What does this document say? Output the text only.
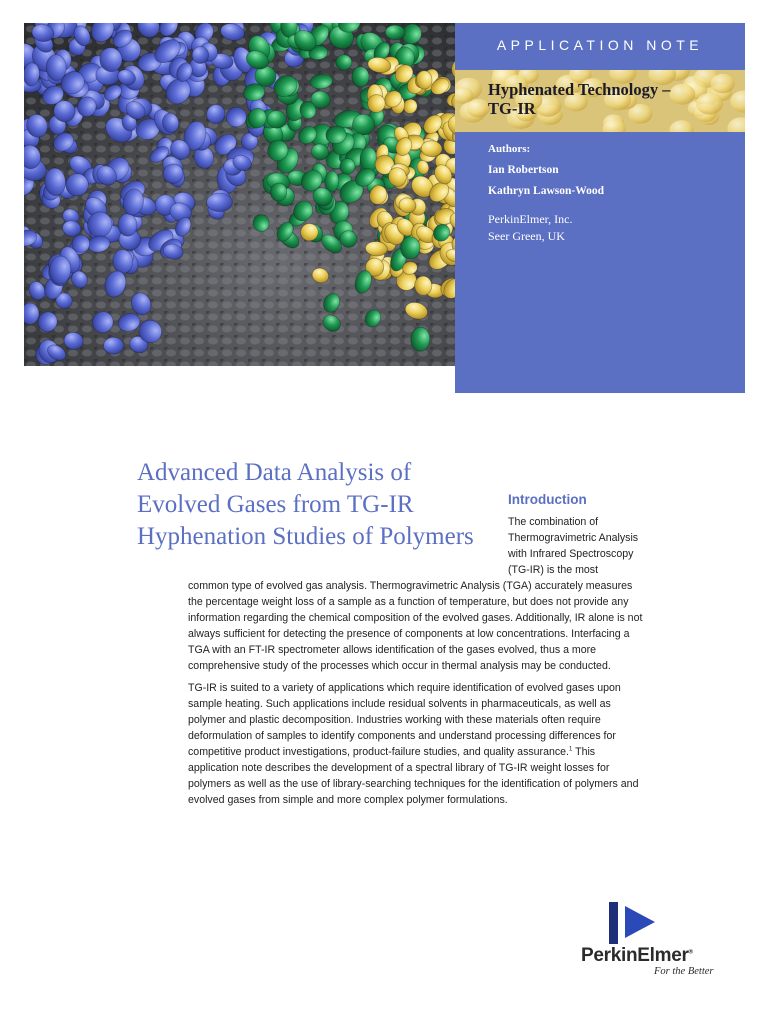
APPLICATION NOTE
Hyphenated Technology –
TG-IR
Authors:
Ian Robertson
Kathryn Lawson-Wood
PerkinElmer, Inc.
Seer Green, UK
Advanced Data Analysis of
Evolved Gases from TG-IR
Hyphenation Studies of Polymers
Introduction
The combination of Thermogravimetric Analysis with Infrared Spectroscopy (TG-IR) is the most

common type of evolved gas analysis. Thermogravimetric Analysis (TGA) accurately measures the percentage weight loss of a sample as a function of temperature, but does not provide any information regarding the chemical composition of the evolved gases. Additionally, IR alone is not always sufficient for detecting the presence of components at low concentrations. Interfacing a TGA with an FT-IR spectrometer allows identification of the gases evolved, thus a more comprehensive study of the processes which occur in thermal analysis may be conducted.

TG-IR is suited to a variety of applications which require identification of evolved gases upon sample heating. Such applications include residual solvents in pharmaceuticals, as well as polymer and plastic decomposition. Industries working with these materials often require deformulation of samples to identify components and understand processing differences for competitive product investigations, product-failure studies, and quality assurance.$^1$ This application note describes the development of a spectral library of TG-IR weight losses for polymers as well as the use of library-searching techniques for the identification of polymers and evolved gases from simple and more complex polymer formulations.

PerkinElmer®
For the Better
